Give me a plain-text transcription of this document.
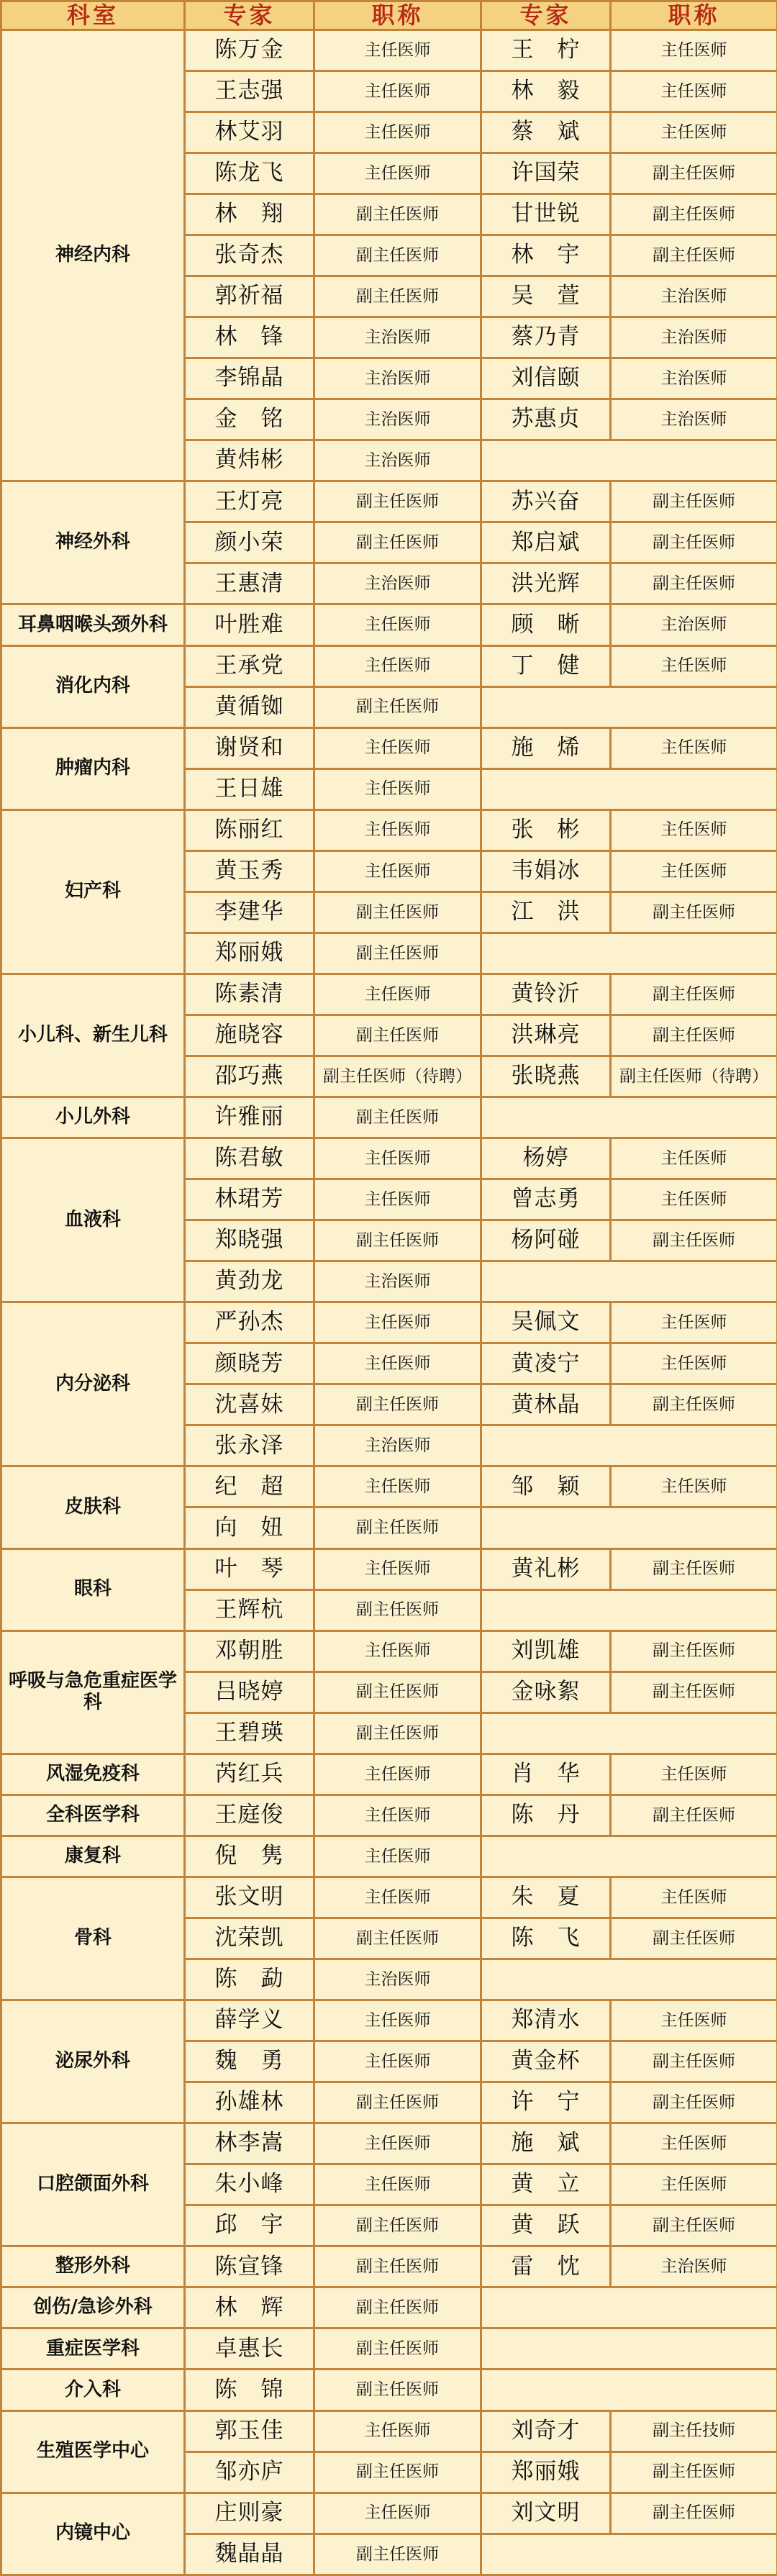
科室	专家	职称	专家	职称
神经内科	陈万金	主任医师	王　柠	主任医师
	王志强	主任医师	林　毅	主任医师
	林艾羽	主任医师	蔡　斌	主任医师
	陈龙飞	主任医师	许国荣	副主任医师
	林　翔	副主任医师	甘世锐	副主任医师
	张奇杰	副主任医师	林　宇	副主任医师
	郭祈福	副主任医师	吴　萱	主治医师
	林　锋	主治医师	蔡乃青	主治医师
	李锦晶	主治医师	刘信颐	主治医师
	金　铭	主治医师	苏惠贞	主治医师
	黄炜彬	主治医师		
神经外科	王灯亮	副主任医师	苏兴奋	副主任医师
	颜小荣	副主任医师	郑启斌	副主任医师
	王惠清	主治医师	洪光辉	副主任医师
耳鼻咽喉头颈外科	叶胜难	主任医师	顾　晰	主治医师
消化内科	王承党	主任医师	丁　健	主任医师
	黄循铷	副主任医师		
肿瘤内科	谢贤和	主任医师	施　烯	主任医师
	王日雄	主任医师		
妇产科	陈丽红	主任医师	张　彬	主任医师
	黄玉秀	主任医师	韦娟冰	主任医师
	李建华	副主任医师	江　洪	副主任医师
	郑丽娥	副主任医师		
小儿科、新生儿科	陈素清	主任医师	黄铃沂	副主任医师
	施晓容	副主任医师	洪琳亮	副主任医师
	邵巧燕	副主任医师（待聘）	张晓燕	副主任医师（待聘）
小儿外科	许雅丽	副主任医师		
血液科	陈君敏	主任医师	杨婷	主任医师
	林珺芳	主任医师	曾志勇	主任医师
	郑晓强	副主任医师	杨阿碰	副主任医师
	黄劲龙	主治医师		
内分泌科	严孙杰	主任医师	吴佩文	主任医师
	颜晓芳	主任医师	黄凌宁	主任医师
	沈喜妹	副主任医师	黄林晶	副主任医师
	张永泽	主治医师		
皮肤科	纪　超	主任医师	邹　颖	主任医师
	向　妞	副主任医师		
眼科	叶　琴	主任医师	黄礼彬	副主任医师
	王辉杭	副主任医师		
呼吸与急危重症医学科	邓朝胜	主任医师	刘凯雄	副主任医师
	吕晓婷	副主任医师	金咏絮	副主任医师
	王碧瑛	副主任医师		
风湿免疫科	芮红兵	主任医师	肖　华	主任医师
全科医学科	王庭俊	主任医师	陈　丹	副主任医师
康复科	倪　隽	主任医师		
骨科	张文明	主任医师	朱　夏	主任医师
	沈荣凯	副主任医师	陈　飞	副主任医师
	陈　勐	主治医师		
泌尿外科	薛学义	主任医师	郑清水	主任医师
	魏　勇	主任医师	黄金杯	副主任医师
	孙雄林	副主任医师	许　宁	副主任医师
口腔颌面外科	林李嵩	主任医师	施　斌	主任医师
	朱小峰	主任医师	黄　立	主任医师
	邱　宇	副主任医师	黄　跃	副主任医师
整形外科	陈宣锋	副主任医师	雷　忱	主治医师
创伤/急诊外科	林　辉	副主任医师		
重症医学科	卓惠长	副主任医师		
介入科	陈　锦	副主任医师		
生殖医学中心	郭玉佳	主任医师	刘奇才	副主任技师
	邹亦庐	副主任医师	郑丽娥	副主任医师
内镜中心	庄则豪	主任医师	刘文明	副主任医师
	魏晶晶	副主任医师		
